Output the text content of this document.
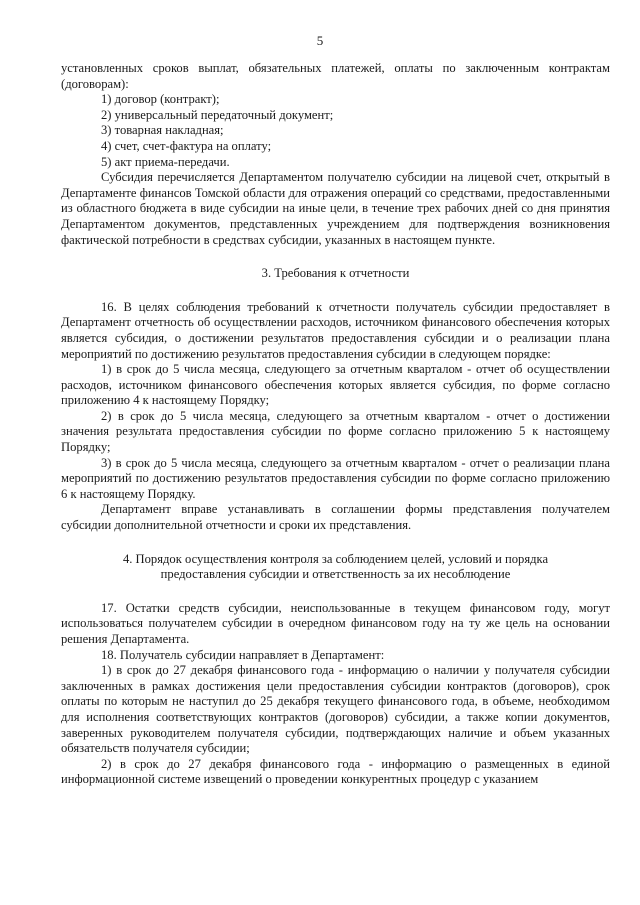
5

установленных сроков выплат, обязательных платежей, оплаты по заключенным контрактам (договорам):

1) договор (контракт);

2) универсальный передаточный документ;

3) товарная накладная;

4) счет, счет-фактура на оплату;

5) акт приема-передачи.

Субсидия перечисляется Департаментом получателю субсидии на лицевой счет, открытый в Департаменте финансов Томской области для отражения операций со средствами, предоставленными из областного бюджета в виде субсидии на иные цели, в течение трех рабочих дней со дня принятия Департаментом документов, представленных учреждением для подтверждения возникновения фактической потребности в средствах субсидии, указанных в настоящем пункте.

3. Требования к отчетности

16. В целях соблюдения требований к отчетности получатель субсидии предоставляет в Департамент отчетность об осуществлении расходов, источником финансового обеспечения которых является субсидия, о достижении результатов предоставления субсидии и о реализации плана мероприятий по достижению результатов предоставления субсидии в следующем порядке:

1) в срок до 5 числа месяца, следующего за отчетным кварталом - отчет об осуществлении расходов, источником финансового обеспечения которых является субсидия, по форме согласно приложению 4 к настоящему Порядку;

2) в срок до 5 числа месяца, следующего за отчетным кварталом - отчет о достижении значения результата предоставления субсидии по форме согласно приложению 5 к настоящему Порядку;

3) в срок до 5 числа месяца, следующего за отчетным кварталом - отчет о реализации плана мероприятий по достижению результатов предоставления субсидии по форме согласно приложению 6 к настоящему Порядку.

Департамент вправе устанавливать в соглашении формы представления получателем субсидии дополнительной отчетности и сроки их представления.

4. Порядок осуществления контроля за соблюдением целей, условий и порядка

предоставления субсидии и ответственность за их несоблюдение

17. Остатки средств субсидии, неиспользованные в текущем финансовом году, могут использоваться получателем субсидии в очередном финансовом году на ту же цель на основании решения Департамента.

18. Получатель субсидии направляет в Департамент:

1) в срок до 27 декабря финансового года - информацию о наличии у получателя субсидии заключенных в рамках достижения цели предоставления субсидии контрактов (договоров), срок оплаты по которым не наступил до 25 декабря текущего финансового года, в объеме, необходимом для исполнения соответствующих контрактов (договоров) субсидии, а также копии документов, заверенных руководителем получателя субсидии, подтверждающих наличие и объем указанных обязательств получателя субсидии;

2) в срок до 27 декабря финансового года - информацию о размещенных в единой информационной системе извещений о проведении конкурентных процедур с указанием
